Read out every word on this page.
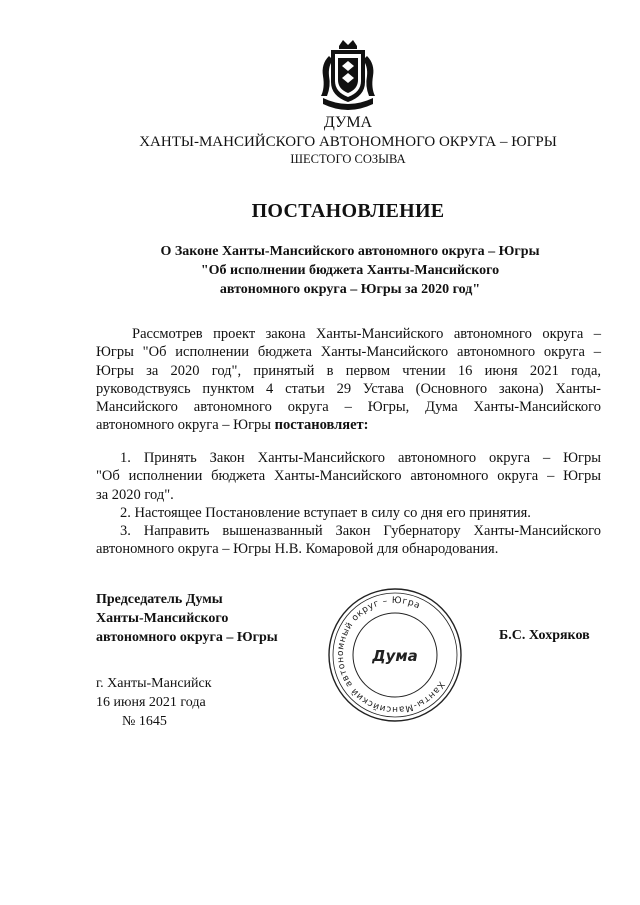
ДУМА
ХАНТЫ-МАНСИЙСКОГО АВТОНОМНОГО ОКРУГА – ЮГРЫ
ШЕСТОГО СОЗЫВА
ПОСТАНОВЛЕНИЕ
О Законе Ханты-Мансийского автономного округа – Югры
"Об исполнении бюджета Ханты-Мансийского
автономного округа – Югры за 2020 год"
Рассмотрев проект закона Ханты-Мансийского автономного округа –
Югры "Об исполнении бюджета Ханты-Мансийского автономного округа –
Югры за 2020 год", принятый в первом чтении 16 июня 2021 года,
руководствуясь пунктом 4 статьи 29 Устава (Основного закона) Ханты-
Мансийского автономного округа – Югры, Дума Ханты-Мансийского
автономного округа – Югры постановляет:
1. Принять Закон Ханты-Мансийского автономного округа – Югры
"Об исполнении бюджета Ханты-Мансийского автономного округа – Югры
за 2020 год".
2. Настоящее Постановление вступает в силу со дня его принятия.
3. Направить вышеназванный Закон Губернатору Ханты-Мансийского
автономного округа – Югры Н.В. Комаровой для обнародования.
Председатель Думы
Ханты-Мансийского
автономного округа – Югры
Ханты-Мансийский автономный округ – Югра
Дума
Б.С. Хохряков
г. Ханты-Мансийск
16 июня 2021 года
№ 1645
